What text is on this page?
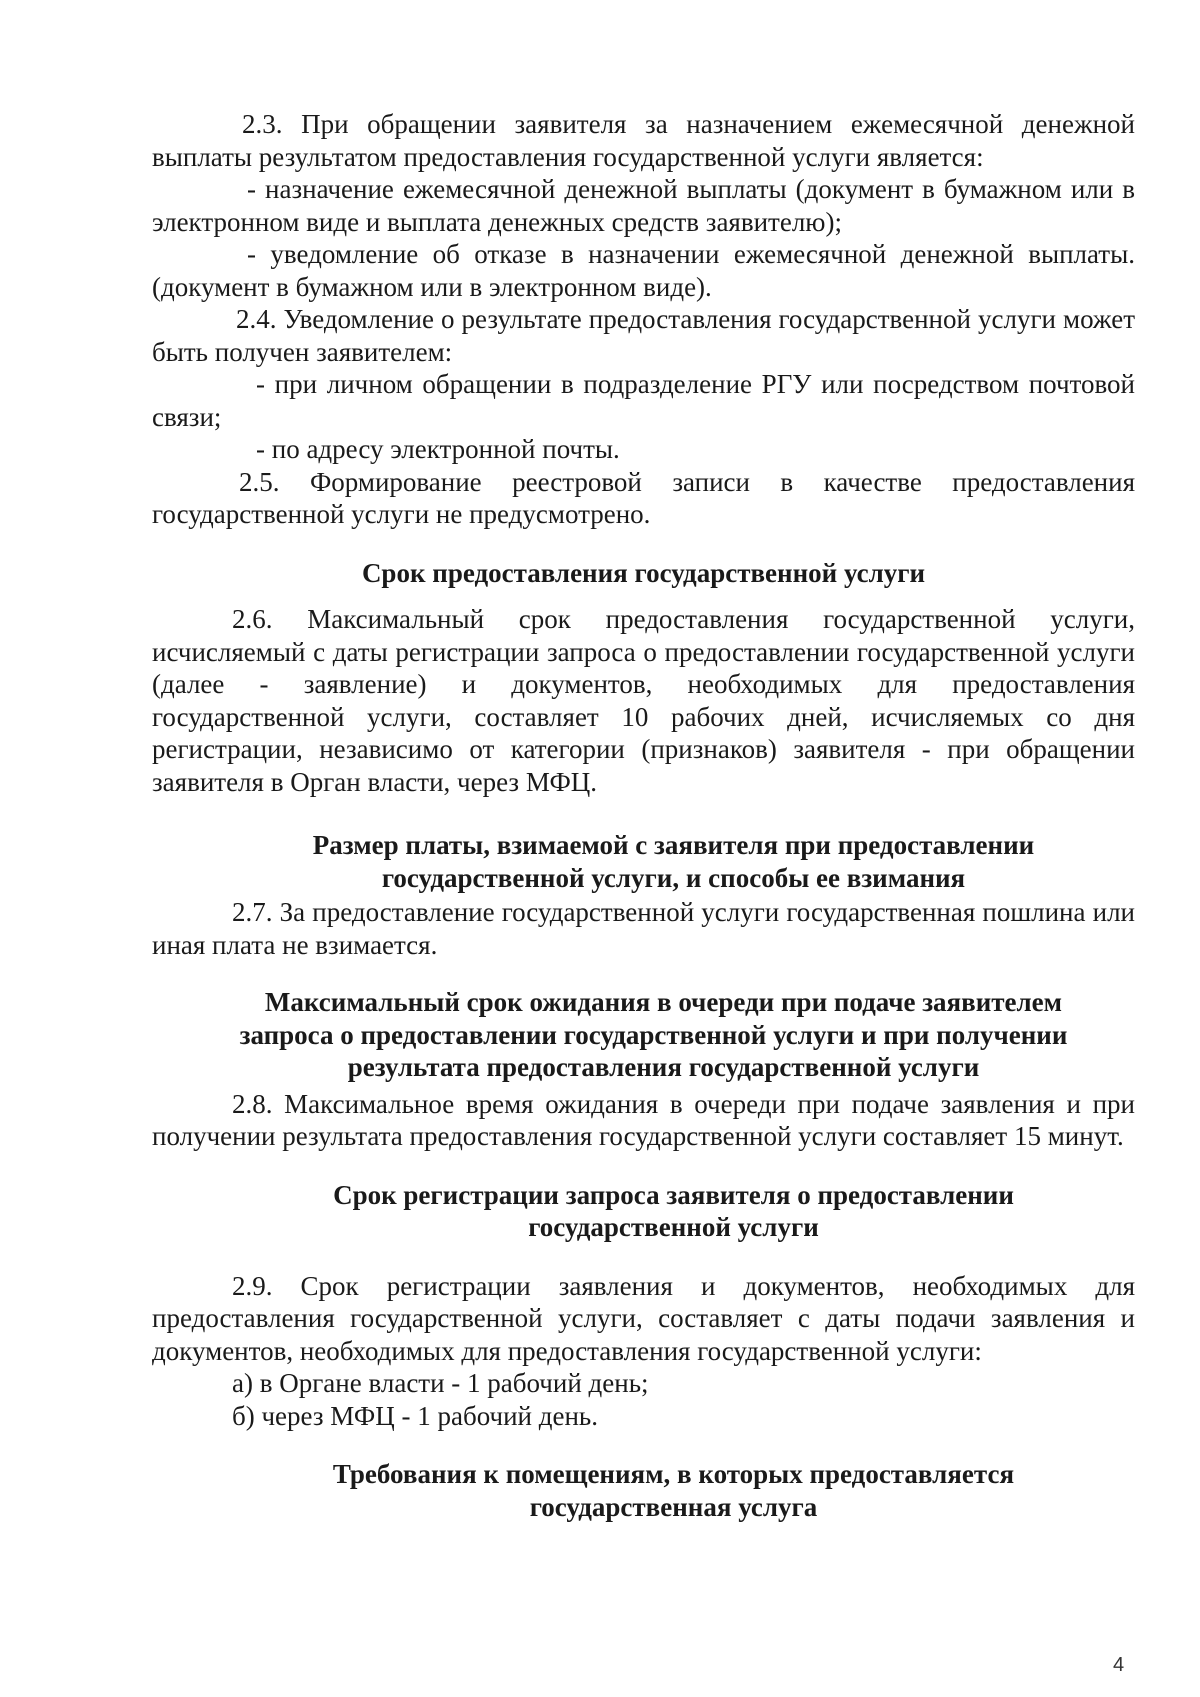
2.3. При обращении заявителя за назначением ежемесячной денежной выплаты результатом предоставления государственной услуги является:

- назначение ежемесячной денежной выплаты (документ в бумажном или в электронном виде и выплата денежных средств заявителю);

- уведомление об отказе в назначении ежемесячной денежной выплаты. (документ в бумажном или в электронном виде).

2.4. Уведомление о результате предоставления государственной услуги может быть получен заявителем:

- при личном обращении в подразделение РГУ или посредством почтовой связи;

- по адресу электронной почты.

2.5. Формирование реестровой записи в качестве предоставления государственной услуги не предусмотрено.

Срок предоставления государственной услуги

2.6. Максимальный срок предоставления государственной услуги, исчисляемый с даты регистрации запроса о предоставлении государственной услуги (далее - заявление) и документов, необходимых для предоставления государственной услуги, составляет 10 рабочих дней, исчисляемых со дня регистрации, независимо от категории (признаков) заявителя - при обращении заявителя в Орган власти, через МФЦ.

Размер платы, взимаемой с заявителя при предоставлении

государственной услуги, и способы ее взимания

2.7. За предоставление государственной услуги государственная пошлина или иная плата не взимается.

Максимальный срок ожидания в очереди при подаче заявителем

запроса о предоставлении государственной услуги и при получении

результата предоставления государственной услуги

2.8. Максимальное время ожидания в очереди при подаче заявления и при получении результата предоставления государственной услуги составляет 15 минут.

Срок регистрации запроса заявителя о предоставлении

государственной услуги

2.9. Срок регистрации заявления и документов, необходимых для предоставления государственной услуги, составляет с даты подачи заявления и документов, необходимых для предоставления государственной услуги:

а) в Органе власти - 1 рабочий день;

б) через МФЦ - 1 рабочий день.

Требования к помещениям, в которых предоставляется

государственная услуга

4
